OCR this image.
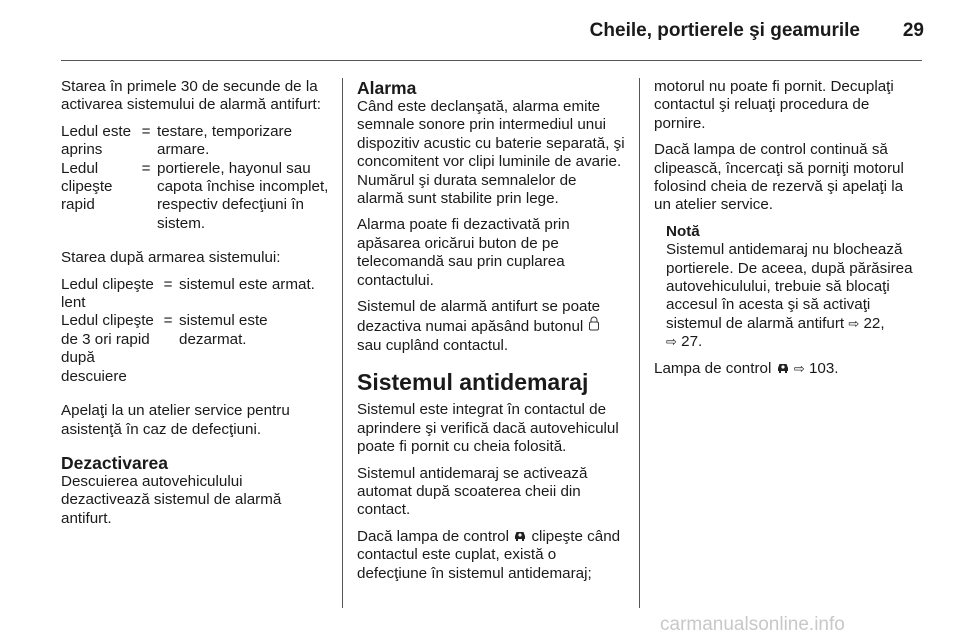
Cheile, portierele şi geamurile	29

Starea în primele 30 de secunde de la activarea sistemului de alarmă antifurt:

Ledul este aprins	=	testare, temporizare armare.
Ledul clipeşte rapid	=	portierele, hayonul sau capota închise incomplet, respectiv defecţiuni în sistem.

Starea după armarea sistemului:

Ledul clipeşte lent	=	sistemul este armat.
Ledul clipeşte de 3 ori rapid după descuiere	=	sistemul este dezarmat.

Apelaţi la un atelier service pentru asistenţă în caz de defecţiuni.

Dezactivarea

Descuierea autovehiculului dezactivează sistemul de alarmă antifurt.

Alarma

Când este declanşată, alarma emite semnale sonore prin intermediul unui dispozitiv acustic cu baterie separată, şi concomitent vor clipi luminile de avarie. Numărul şi durata semnalelor de alarmă sunt stabilite prin lege.

Alarma poate fi dezactivată prin apăsarea oricărui buton de pe telecomandă sau prin cuplarea contactului.

Sistemul de alarmă antifurt se poate dezactiva numai apăsând butonul  sau cuplând contactul.

Sistemul antidemaraj

Sistemul este integrat în contactul de aprindere şi verifică dacă autovehiculul poate fi pornit cu cheia folosită.

Sistemul antidemaraj se activează automat după scoaterea cheii din contact.

Dacă lampa de control clipeşte când contactul este cuplat, există o defecţiune în sistemul antidemaraj;

motorul nu poate fi pornit. Decuplaţi contactul şi reluaţi procedura de pornire.

Dacă lampa de control continuă să clipească, încercaţi să porniţi motorul folosind cheia de rezervă şi apelaţi la un atelier service.

Notă
Sistemul antidemaraj nu blochează portierele. De aceea, după părăsirea autovehiculului, trebuie să blocaţi accesul în acesta şi să activaţi sistemul de alarmă antifurt ⇨ 22,
⇨ 27.

Lampa de control ⇨ 103.

carmanualsonline.info
